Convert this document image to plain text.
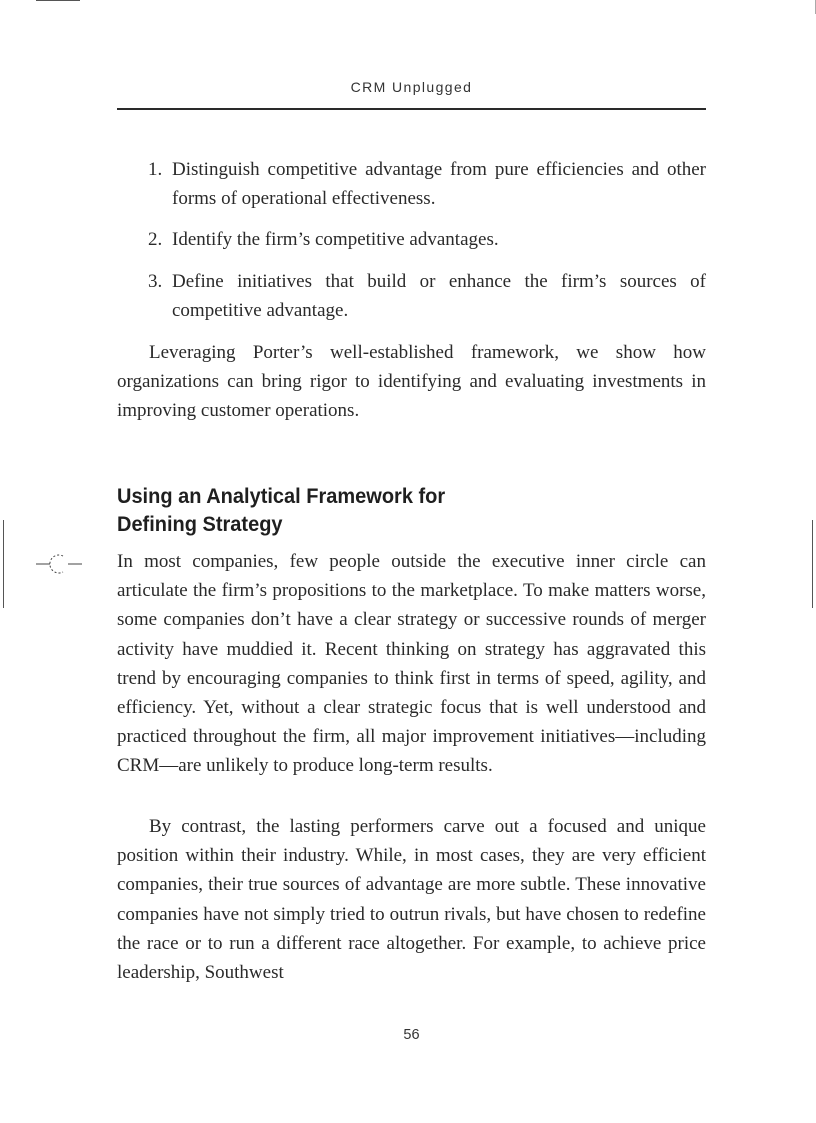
CRM Unplugged
1. Distinguish competitive advantage from pure efficiencies and other forms of operational effectiveness.
2. Identify the firm’s competitive advantages.
3. Define initiatives that build or enhance the firm’s sources of competitive advantage.

Leveraging Porter’s well-established framework, we show how organizations can bring rigor to identifying and evaluating investments in improving customer operations.

Using an Analytical Framework for
Defining Strategy

In most companies, few people outside the executive inner circle can articulate the firm’s propositions to the marketplace. To make matters worse, some companies don’t have a clear strategy or successive rounds of merger activity have muddied it. Recent thinking on strategy has aggravated this trend by encouraging companies to think first in terms of speed, agility, and efficiency. Yet, without a clear strategic focus that is well understood and practiced throughout the firm, all major improvement initiatives—including CRM—are unlikely to produce long-term results.

By contrast, the lasting performers carve out a focused and unique position within their industry. While, in most cases, they are very efficient companies, their true sources of advantage are more subtle. These innovative companies have not simply tried to outrun rivals, but have chosen to redefine the race or to run a different race altogether. For example, to achieve price leadership, Southwest

56
